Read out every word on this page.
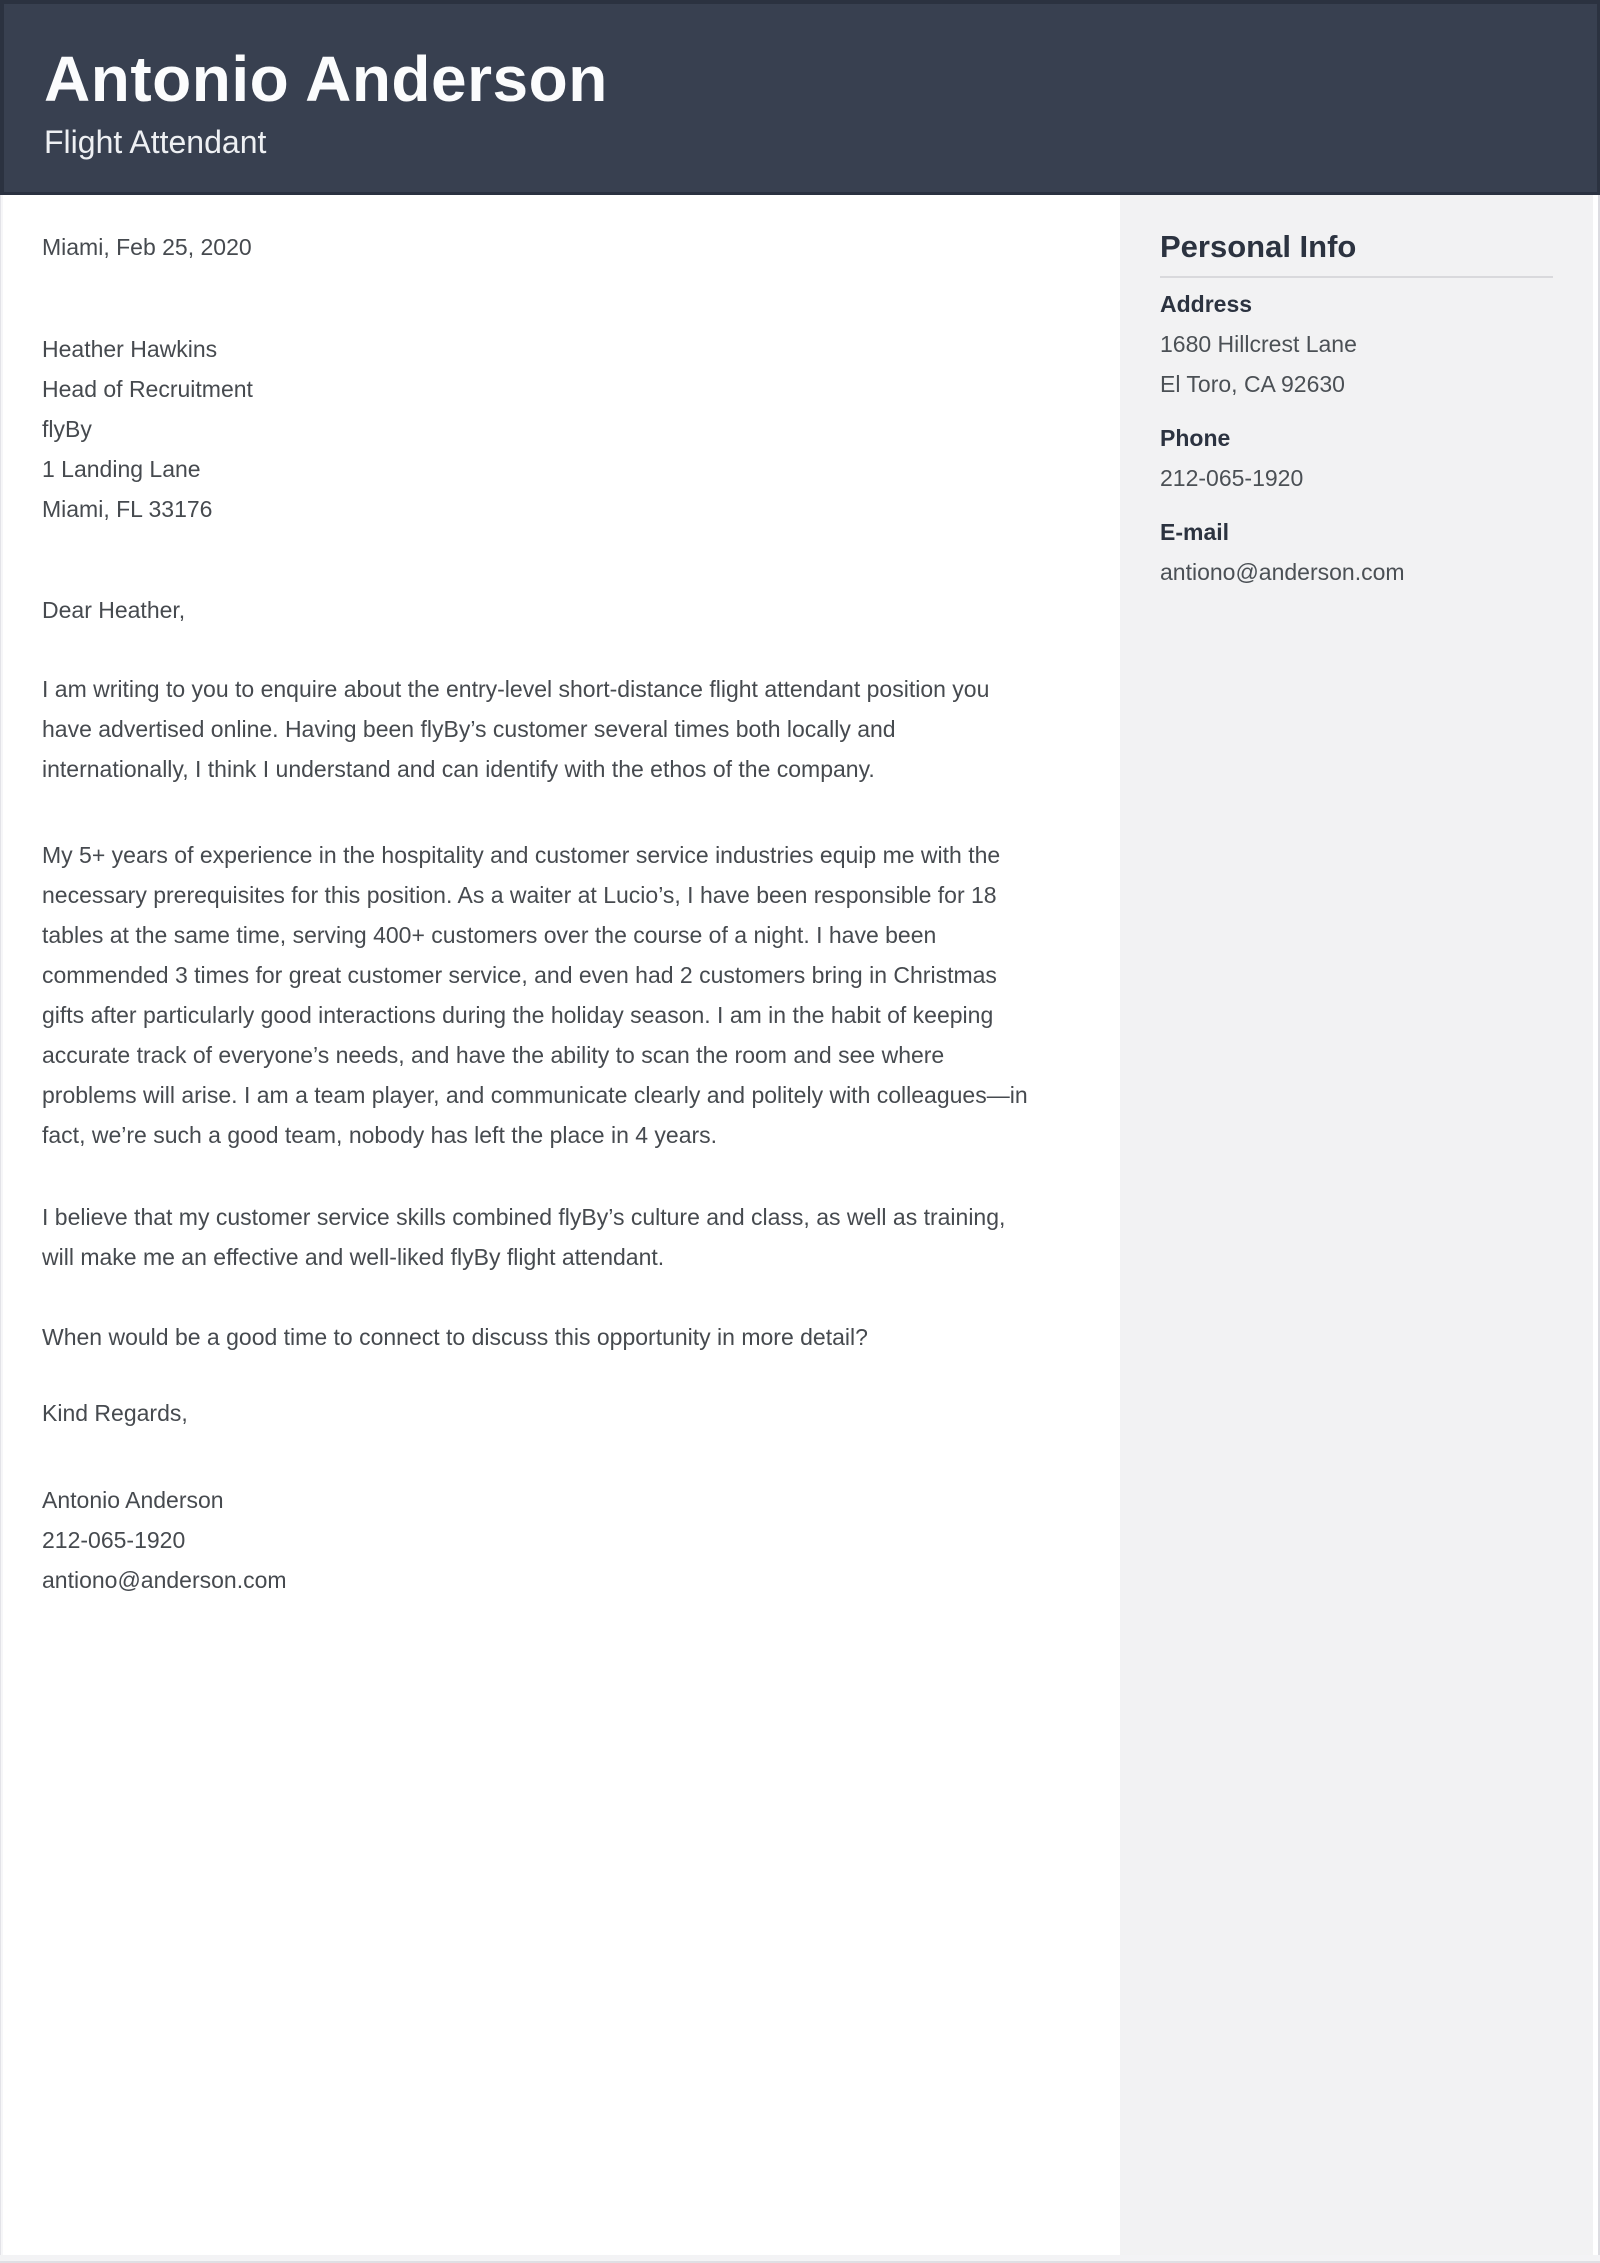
Antonio Anderson
Flight Attendant
Miami, Feb 25, 2020
Heather Hawkins
Head of Recruitment
flyBy
1 Landing Lane
Miami, FL 33176
Dear Heather,
I am writing to you to enquire about the entry-level short-distance flight attendant position you
have advertised online. Having been flyBy’s customer several times both locally and
internationally, I think I understand and can identify with the ethos of the company.
My 5+ years of experience in the hospitality and customer service industries equip me with the
necessary prerequisites for this position. As a waiter at Lucio’s, I have been responsible for 18
tables at the same time, serving 400+ customers over the course of a night. I have been
commended 3 times for great customer service, and even had 2 customers bring in Christmas
gifts after particularly good interactions during the holiday season. I am in the habit of keeping
accurate track of everyone’s needs, and have the ability to scan the room and see where
problems will arise. I am a team player, and communicate clearly and politely with colleagues—in
fact, we’re such a good team, nobody has left the place in 4 years.
I believe that my customer service skills combined flyBy’s culture and class, as well as training,
will make me an effective and well-liked flyBy flight attendant.
When would be a good time to connect to discuss this opportunity in more detail?
Kind Regards,
Antonio Anderson
212-065-1920
antiono@anderson.com
Personal Info
Address
1680 Hillcrest Lane
El Toro, CA 92630
Phone
212-065-1920
E-mail
antiono@anderson.com
